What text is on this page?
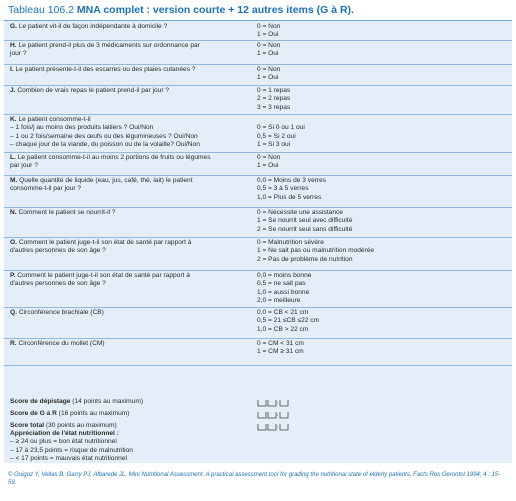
Tableau 106.2 MNA complet : version courte + 12 autres items (G à R).
G. Le patient vit-il de façon indépendante à domicile ?	0 = Non
1 = Oui
H. Le patient prend-il plus de 3 médicaments sur ordonnance par
jour ?
0 = Non
1 = Oui
I. Le patient présente-t-il des escarres ou des plaies cutanées ?	0 = Non
1 = Oui
J. Combien de vrais repas le patient prend-il par jour ?	0 = 1 repas
2 = 2 repas
3 = 3 repas
K. Le patient consomme-t-il
– 1 fois/j au moins des produits laitiers ? Oui/Non
– 1 ou 2 fois/semaine des œufs ou des légumineuses ? Oui/Non
– chaque jour de la viande, du poisson ou de la volaille? Oui/Non

0 = Si 0 ou 1 oui
0,5 = Si 2 oui
1 = Si 3 oui
L. Le patient consomme-t-il au moins 2 portions de fruits ou légumes
par jour ?
0 = Non
1 = Oui
M. Quelle quantité de liquide (eau, jus, café, thé, lait) le patient
consomme-t-il par jour ?
0,0 = Moins de 3 verres
0,5 = 3 à 5 verres
1,0 = Plus de 5 verres
N. Comment le patient se nourrit-il ?	0 = Nécessite une assistance
1 = Se nourrit seul avec difficulté
2 = Se nourrit seul sans difficulté
O. Comment le patient juge-t-il son état de santé par rapport à
d'autres personnes de son âge ?
0 = Malnutrition sévère
1 = Ne sait pas ou malnutrition modérée
2 = Pas de problème de nutrition
P. Comment le patient juge-t-il son état de santé par rapport à
d'autres personnes de son âge ?
0,0 = moins bonne
0,5 = ne sait pas
1,0 = aussi bonne
2,0 = meilleure
Q. Circonférence brachiale (CB)	0,0 = CB < 21 cm
0,5 = 21 ≤CB ≤22 cm
1,0 = CB > 22 cm
R. Circonférence du mollet (CM)	0 = CM < 31 cm
1 = CM ≥ 31 cm
Score de dépistage (14 points au maximum)
Score de G à R (16 points au maximum)
Score total (30 points au maximum)
Appréciation de l'état nutritionnel :
– ≥ 24 ou plus = bon état nutritionnel
– 17 à 23,5 points = risque de malnutrition
– < 17 points = mauvais état nutritionnel
© Guigoz Y, Vellas B, Garry PJ, Albarede JL. Mini Nutritional Assessment. A practical assessment tool for grading the nutritional state of elderly patients. Facts Res Gerontol 1994; 4 : 15-59.
